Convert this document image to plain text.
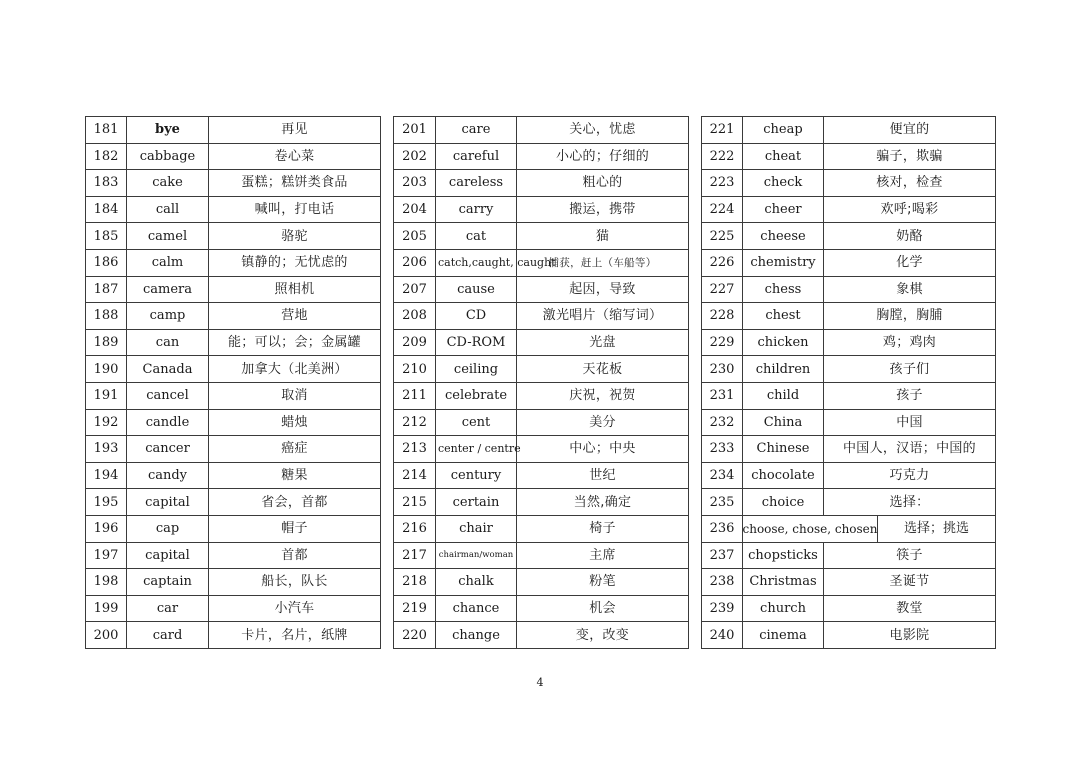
181	bye	再见
182	cabbage	卷心菜
183	cake	蛋糕；糕饼类食品
184	call	喊叫，打电话
185	camel	骆驼
186	calm	镇静的；无忧虑的
187	camera	照相机
188	camp	营地
189	can	能；可以；会；金属罐
190	Canada	加拿大（北美洲）
191	cancel	取消
192	candle	蜡烛
193	cancer	癌症
194	candy	糖果
195	capital	省会，首都
196	cap	帽子
197	capital	首都
198	captain	船长，队长
199	car	小汽车
200	card	卡片，名片，纸牌
201	care	关心，忧虑
202	careful	小心的；仔细的
203	careless	粗心的
204	carry	搬运，携带
205	cat	猫
206	catch,caught, caught	捕获，赶上（车船等）
207	cause	起因，导致
208	CD	激光唱片（缩写词）
209	CD-ROM	光盘
210	ceiling	天花板
211	celebrate	庆祝，祝贺
212	cent	美分
213	center / centre	中心；中央
214	century	世纪
215	certain	当然,确定
216	chair	椅子
217	chairman/woman	主席
218	chalk	粉笔
219	chance	机会
220	change	变，改变
221	cheap	便宜的
222	cheat	骗子，欺骗
223	check	核对，检查
224	cheer	欢呼;喝彩
225	cheese	奶酪
226	chemistry	化学
227	chess	象棋
228	chest	胸膛，胸脯
229	chicken	鸡；鸡肉
230	children	孩子们
231	child	孩子
232	China	中国
233	Chinese	中国人，汉语；中国的
234	chocolate	巧克力
235	choice	选择：
236	choose, chose, chosen 选择；挑选	

237	chopsticks	筷子
238	Christmas	圣诞节
239	church	教堂
240	cinema	电影院
4
